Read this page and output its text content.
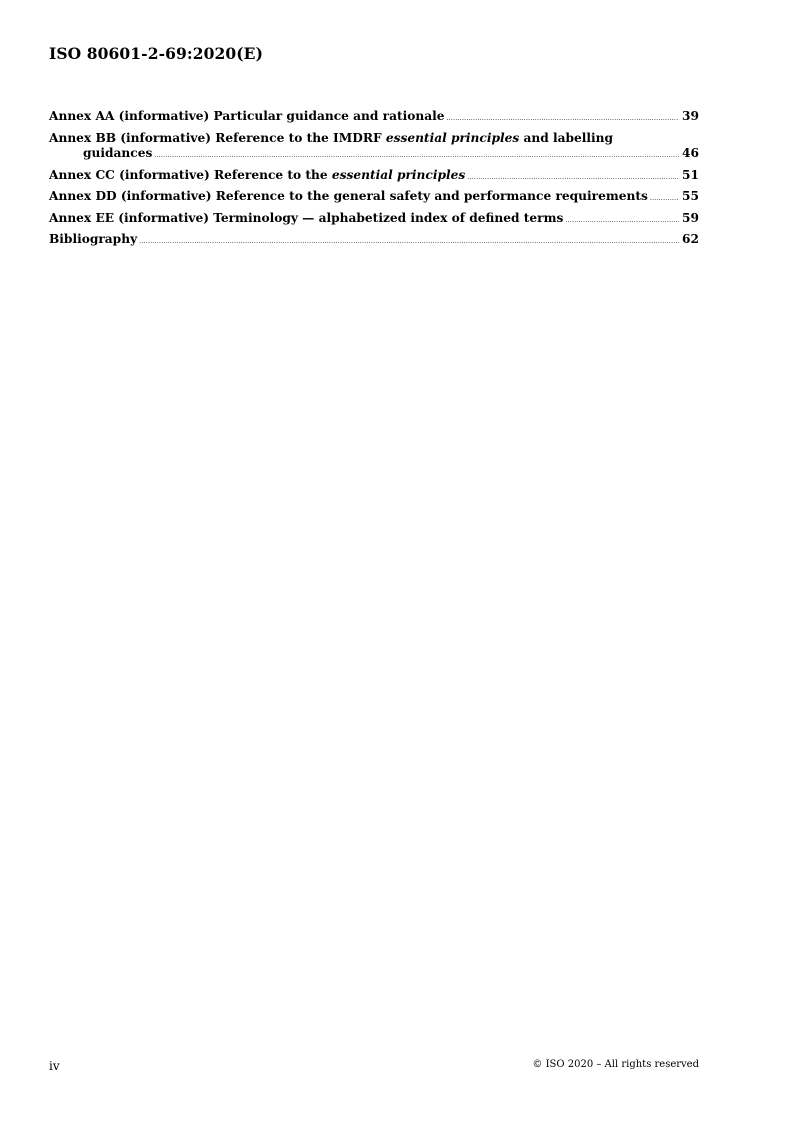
ISO 80601-2-69:2020(E)
Annex AA (informative) Particular guidance and rationale .....	39
Annex BB (informative) Reference to the IMDRF essential principles and labelling
guidances .....	46
Annex CC (informative) Reference to the essential principles .....	51
Annex DD (informative) Reference to the general safety and performance requirements .....	55
Annex EE (informative) Terminology — alphabetized index of defined terms .....	59
Bibliography .....	62
iv	© ISO 2020 – All rights reserved
